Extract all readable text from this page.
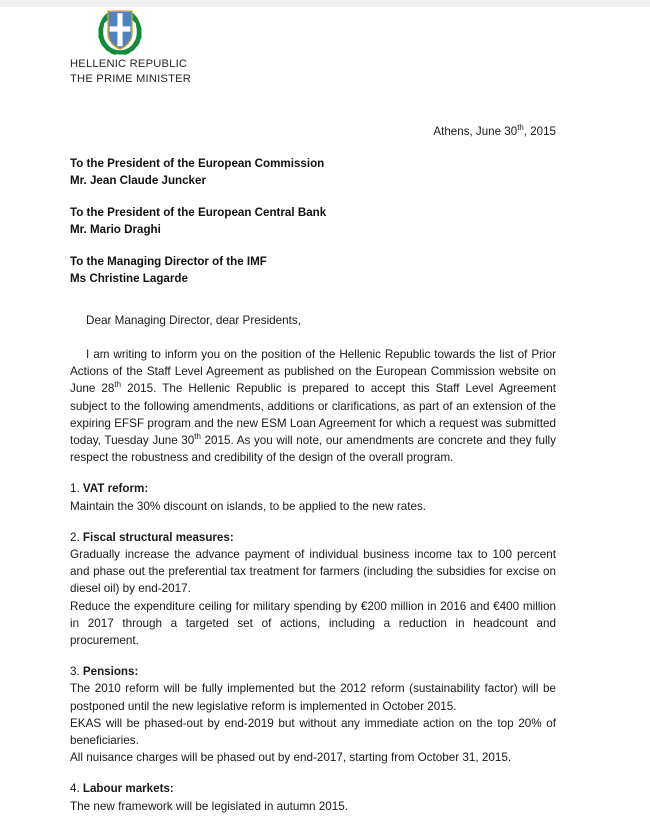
HELLENIC REPUBLIC
THE PRIME MINISTER
Athens, June 30th, 2015
To the President of the European Commission
Mr. Jean Claude Juncker
To the President of the European Central Bank
Mr. Mario Draghi
To the Managing Director of the IMF
Ms Christine Lagarde
Dear Managing Director, dear Presidents,

I am writing to inform you on the position of the Hellenic Republic towards the list of Prior Actions of the Staff Level Agreement as published on the European Commission website on June 28th 2015. The Hellenic Republic is prepared to accept this Staff Level Agreement subject to the following amendments, additions or clarifications, as part of an extension of the expiring EFSF program and the new ESM Loan Agreement for which a request was submitted today, Tuesday June 30th 2015. As you will note, our amendments are concrete and they fully respect the robustness and credibility of the design of the overall program.

1. VAT reform:

Maintain the 30% discount on islands, to be applied to the new rates.

2. Fiscal structural measures:

Gradually increase the advance payment of individual business income tax to 100 percent and phase out the preferential tax treatment for farmers (including the subsidies for excise on diesel oil) by end-2017.

Reduce the expenditure ceiling for military spending by €200 million in 2016 and €400 million in 2017 through a targeted set of actions, including a reduction in headcount and procurement.

3. Pensions:

The 2010 reform will be fully implemented but the 2012 reform (sustainability factor) will be postponed until the new legislative reform is implemented in October 2015.

EKAS will be phased-out by end-2019 but without any immediate action on the top 20% of beneficiaries.

All nuisance charges will be phased out by end-2017, starting from October 31, 2015.

4. Labour markets:

The new framework will be legislated in autumn 2015.
